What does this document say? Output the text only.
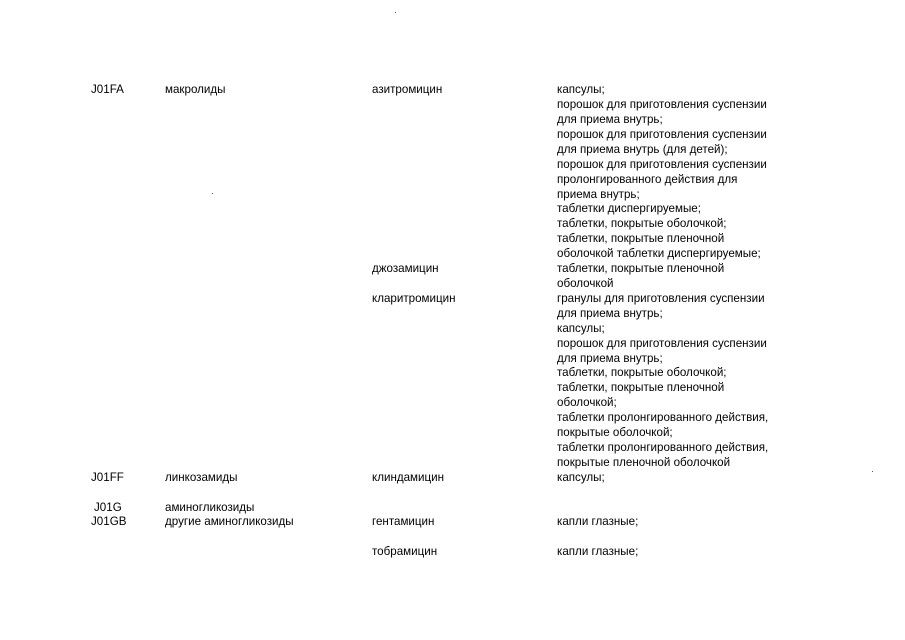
J01FA	макролиды	азитромицин	капсулы;
порошок для приготовления суспензии
для приема внутрь;
порошок для приготовления суспензии
для приема внутрь (для детей);
порошок для приготовления суспензии
пролонгированного действия для
приема внутрь;
таблетки диспергируемые;
таблетки, покрытые оболочкой;
таблетки, покрытые пленочной
оболочкой таблетки диспергируемые;
джозамицин	таблетки, покрытые пленочной
оболочкой
кларитромицин	гранулы для приготовления суспензии
для приема внутрь;
капсулы;
порошок для приготовления суспензии
для приема внутрь;
таблетки, покрытые оболочкой;
таблетки, покрытые пленочной
оболочкой;
таблетки пролонгированного действия,
покрытые оболочкой;
таблетки пролонгированного действия,
покрытые пленочной оболочкой
J01FF	линкозамиды	клиндамицин	капсулы;
J01G	аминогликозиды
J01GB	другие аминогликозиды	гентамицин	капли глазные;
тобрамицин	капли глазные;
